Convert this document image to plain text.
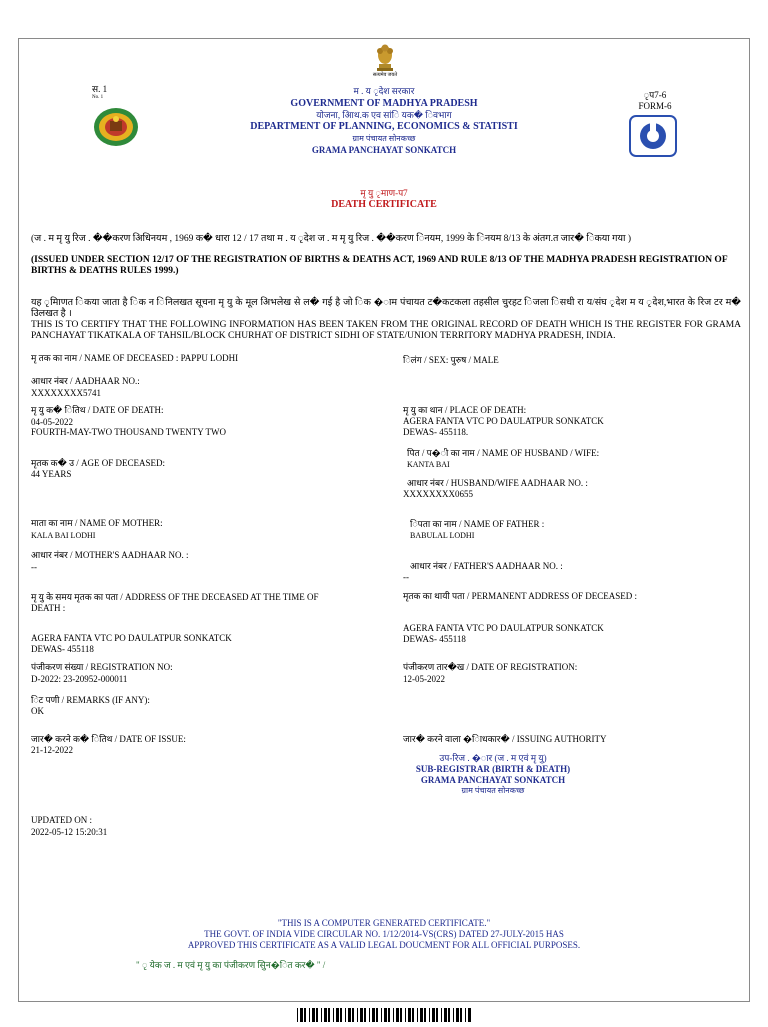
स. 1
No. 1
सत्यमेव जयते
म . य ृदेश सरकार
GOVERNMENT OF MADHYA PRADESH
योजना, आिथ.क एव सांि यक� िवभाग
DEPARTMENT OF PLANNING, ECONOMICS & STATISTI
ग्राम पंचायत सोनकच्छ
GRAMA PANCHAYAT SONKATCH
ृप7-6
FORM-6
मृ यु ृमाण-प7
DEATH CERTIFICATE
(ज . म मृ यु रिज . ��करण अिधिनयम , 1969 क� धारा 12 / 17 तथा म . य ृदेश ज . म मृ यु रिज . ��करण िनयम, 1999 के िनयम 8/13 के अंतग.त जार� िकया गया )
(ISSUED UNDER SECTION 12/17 OF THE REGISTRATION OF BIRTHS & DEATHS ACT, 1969 AND RULE 8/13 OF THE MADHYA PRADESH REGISTRATION OF BIRTHS & DEATHS RULES 1999.)
यह ृमािणत िकया जाता है िक न िनिलखत सूचना मृ यु के मूल अिभलेख से ल� गई है जो िक �ाम पंचायत ट�कटकला तहसील चुरहट िजला िसधी रा य/संघ ृदेश म य ृदेश,भारत के रिज टर म� उिलखत है ।
THIS IS TO CERTIFY THAT THE FOLLOWING INFORMATION HAS BEEN TAKEN FROM THE ORIGINAL RECORD OF DEATH WHICH IS THE REGISTER FOR GRAMA PANCHAYAT TIKATKALA OF TAHSIL/BLOCK CHURHAT OF DISTRICT SIDHI OF STATE/UNION TERRITORY MADHYA PRADESH, INDIA.
मृ तक का नाम / NAME OF DECEASED : PAPPU LODHI
आधार नंबर / AADHAAR NO.:
XXXXXXXX5741
मृ यु क� ितिथ / DATE OF DEATH:
04-05-2022
FOURTH-MAY-TWO THOUSAND TWENTY TWO
मृतक क� उ / AGE OF DECEASED:
44 YEARS
माता का नाम / NAME OF MOTHER:
KALA BAI LODHI
आधार नंबर / MOTHER'S AADHAAR NO. :
--
मृ यु के समय मृतक का पता / ADDRESS OF THE DECEASED AT THE TIME OF
DEATH :
AGERA FANTA VTC PO DAULATPUR SONKATCK
DEWAS- 455118
पंजीकरण संख्या / REGISTRATION NO:
D-2022: 23-20952-000011
िट पणी / REMARKS (IF ANY):
OK
जार� करने क� ितिथ / DATE OF ISSUE:
21-12-2022
िलंग / SEX: पुरुष / MALE
मृ यु का थान / PLACE OF DEATH:
AGERA FANTA VTC PO DAULATPUR SONKATCK
DEWAS- 455118.
पित / प�ी का नाम / NAME OF HUSBAND / WIFE:
KANTA BAI
आधार नंबर / HUSBAND/WIFE AADHAAR NO. :
XXXXXXXX0655
िपता का नाम / NAME OF FATHER :
BABULAL LODHI
आधार नंबर / FATHER'S AADHAAR NO. :
--
मृतक का थायी पता / PERMANENT ADDRESS OF DECEASED :
AGERA FANTA VTC PO DAULATPUR SONKATCK
DEWAS- 455118
पंजीकरण तार�ख / DATE OF REGISTRATION:
12-05-2022
जार� करने वाला �ािधकार� / ISSUING AUTHORITY
उप-रिज . �ार (ज . म एवं मृ यु)
SUB-REGISTRAR (BIRTH & DEATH)
GRAMA PANCHAYAT SONKATCH
ग्राम पंचायत सोनकच्छ
UPDATED ON :
2022-05-12 15:20:31
"THIS IS A COMPUTER GENERATED CERTIFICATE."
THE GOVT. OF INDIA VIDE CIRCULAR NO. 1/12/2014-VS(CRS) DATED 27-JULY-2015 HAS
APPROVED THIS CERTIFICATE AS A VALID LEGAL DOUCMENT FOR ALL OFFICIAL PURPOSES.
" ृ येक ज . म एवं मृ यु का पंजीकरण सुिन�ित कर� " /
